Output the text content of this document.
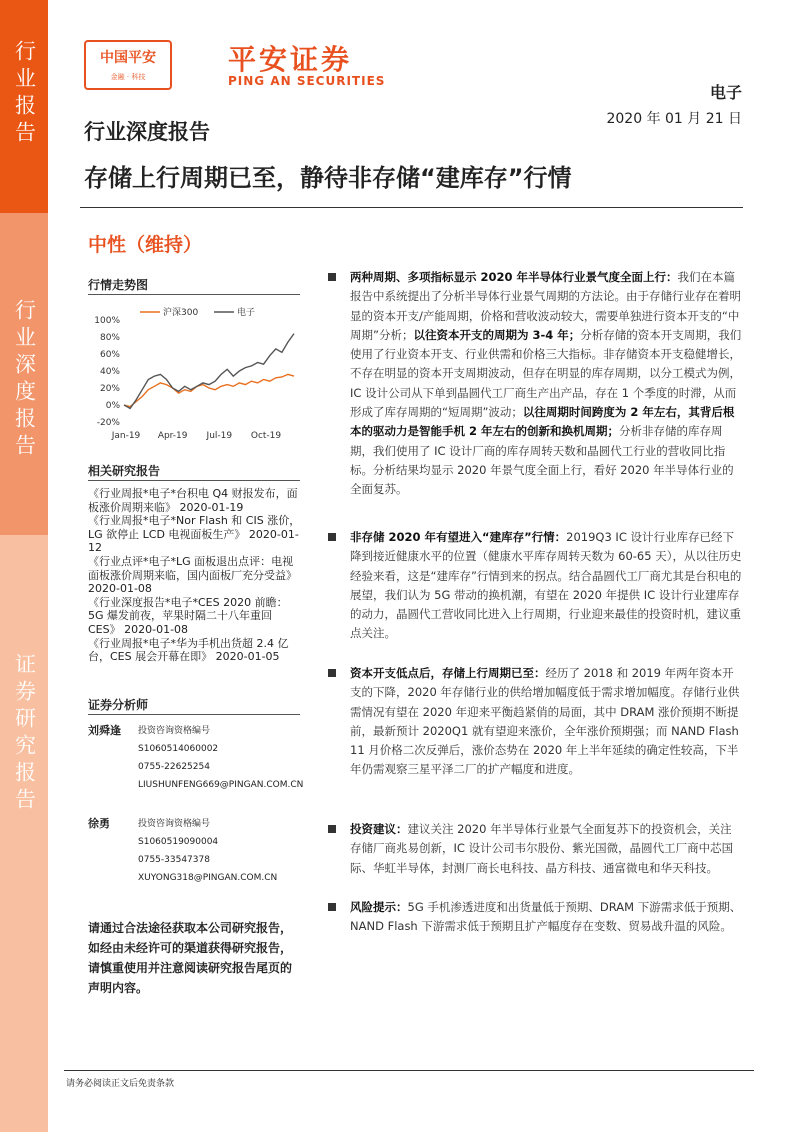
行业报告
行业深度报告
证券研究报告
中国平安
金融 · 科技
平安证券
PING AN SECURITIES
电子
2020 年 01 月 21 日
行业深度报告
存储上行周期已至，静待非存储“建库存”行情
中性（维持）
行情走势图
100%
80%
60%
40%
20%
0%
-20%
Jan-19 Apr-19 Jul-19 Oct-19
沪深300	电子
相关研究报告
《行业周报*电子*台积电 Q4 财报发布，面板涨价周期来临》 2020-01-19
《行业周报*电子*Nor Flash 和 CIS 涨价，LG 欲停止 LCD 电视面板生产》 2020-01-12
《行业点评*电子*LG 面板退出点评：电视面板涨价周期来临，国内面板厂充分受益》 2020-01-08
《行业深度报告*电子*CES 2020 前瞻：5G 爆发前夜，苹果时隔二十八年重回 CES》 2020-01-08
《行业周报*电子*华为手机出货超 2.4 亿台，CES 展会开幕在即》 2020-01-05
证券分析师
刘舜逢 投资咨询资格编号
S1060514060002
0755-22625254
LIUSHUNFENG669@PINGAN.COM.CN
徐勇	投资咨询资格编号
S1060519090004
0755-33547378
XUYONG318@PINGAN.COM.CN
请通过合法途径获取本公司研究报告，如经由未经许可的渠道获得研究报告，请慎重使用并注意阅读研究报告尾页的声明内容。
两种周期、多项指标显示 2020 年半导体行业景气度全面上行：我们在本篇报告中系统提出了分析半导体行业景气周期的方法论。由于存储行业存在着明显的资本开支/产能周期，价格和营收波动较大，需要单独进行资本开支的“中周期”分析；以往资本开支的周期为 3-4 年；分析存储的资本开支周期，我们使用了行业资本开支、行业供需和价格三大指标。非存储资本开支稳健增长，不存在明显的资本开支周期波动，但存在明显的库存周期，以分工模式为例，IC 设计公司从下单到晶圆代工厂商生产出产品，存在 1 个季度的时滞，从而形成了库存周期的“短周期”波动；以往周期时间跨度为 2 年左右，其背后根本的驱动力是智能手机 2 年左右的创新和换机周期；分析非存储的库存周期，我们使用了 IC 设计厂商的库存周转天数和晶圆代工行业的营收同比指标。分析结果均显示 2020 年景气度全面上行，看好 2020 年半导体行业的全面复苏。
非存储 2020 年有望进入“建库存”行情：2019Q3 IC 设计行业库存已经下降到接近健康水平的位置（健康水平库存周转天数为 60-65 天），从以往历史经验来看，这是“建库存”行情到来的拐点。结合晶圆代工厂商尤其是台积电的展望，我们认为 5G 带动的换机潮，有望在 2020 年提供 IC 设计行业建库存的动力，晶圆代工营收同比进入上行周期，行业迎来最佳的投资时机，建议重点关注。
资本开支低点后，存储上行周期已至：经历了 2018 和 2019 年两年资本开支的下降，2020 年存储行业的供给增加幅度低于需求增加幅度。存储行业供需情况有望在 2020 年迎来平衡趋紧俏的局面，其中 DRAM 涨价预期不断提前，最新预计 2020Q1 就有望迎来涨价，全年涨价预期强；而 NAND Flash 11 月价格二次反弹后，涨价态势在 2020 年上半年延续的确定性较高，下半年仍需观察三星平泽二厂的扩产幅度和进度。
投资建议：建议关注 2020 年半导体行业景气全面复苏下的投资机会，关注存储厂商兆易创新，IC 设计公司韦尔股份、紫光国微，晶圆代工厂商中芯国际、华虹半导体，封测厂商长电科技、晶方科技、通富微电和华天科技。
风险提示：5G 手机渗透进度和出货量低于预期、DRAM 下游需求低于预期、NAND Flash 下游需求低于预期且扩产幅度存在变数、贸易战升温的风险。
请务必阅读正文后免责条款
